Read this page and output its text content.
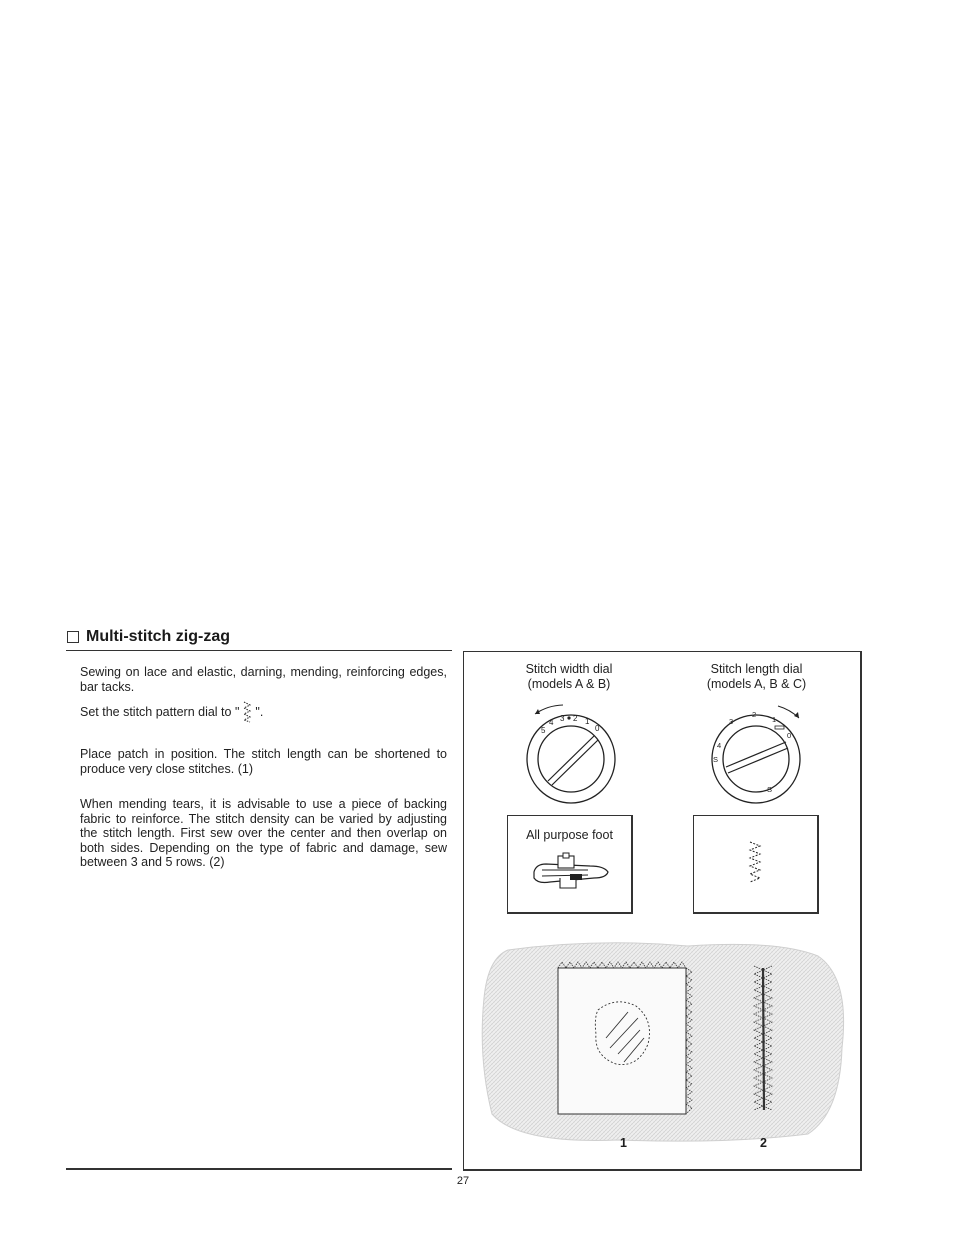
Multi-stitch zig-zag
Sewing on lace and elastic, darning, mending, reinforcing edges, bar tacks.
Set the stitch pattern dial to " ".
Place patch in position. The stitch length can be shortened to produce very close stitches. (1)
When mending tears, it is advisable to use a piece of backing fabric to reinforce. The stitch density can be varied by adjusting the stitch length. First sew over the center and then overlap on both sides. Depending on the type of fabric and damage, sew between 3 and 5 rows. (2)
Stitch width dial
(models A & B)
Stitch length dial
(models A, B & C)
5
4 3 2 1
0
S
4
3
2
1
0
S
All purpose foot
1	2
27
